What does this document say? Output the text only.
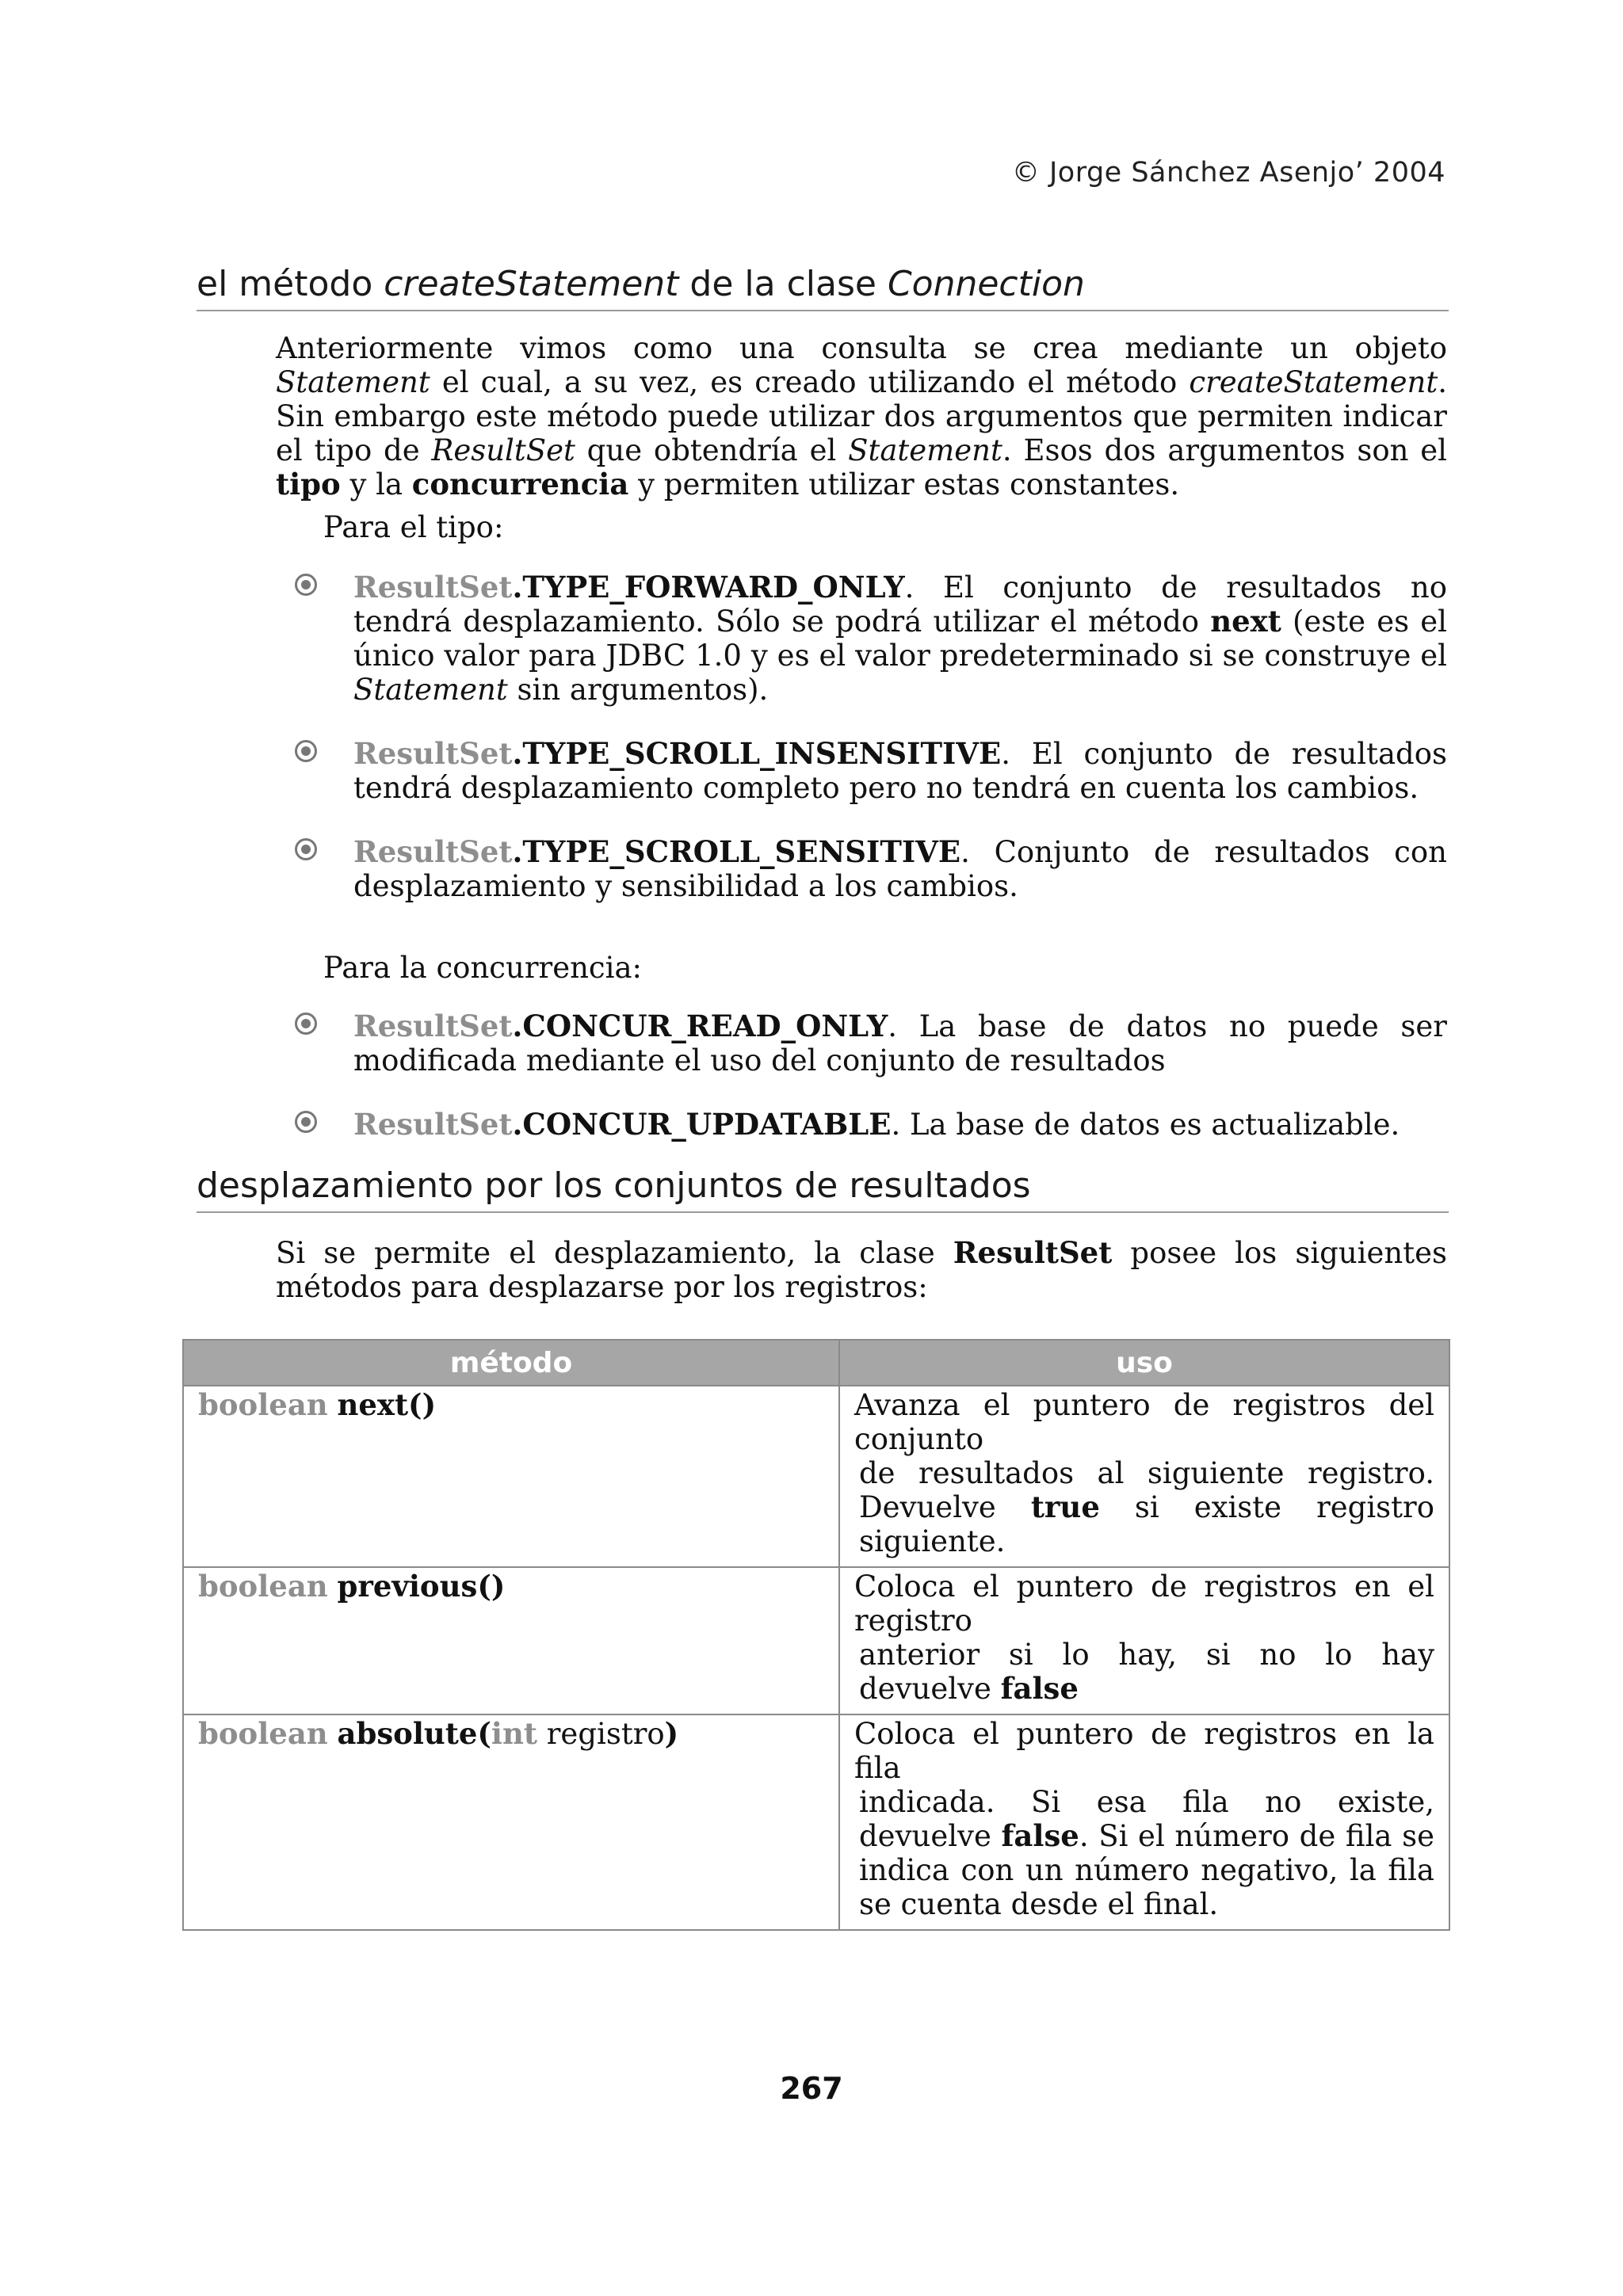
© Jorge Sánchez Asenjo’ 2004
el método createStatement de la clase Connection

Anteriormente vimos como una consulta se crea mediante un objeto Statement el cual, a su vez, es creado utilizando el método createStatement. Sin embargo este método puede utilizar dos argumentos que permiten indicar el tipo de ResultSet que obtendría el Statement. Esos dos argumentos son el tipo y la concurrencia y permiten utilizar estas constantes.

Para el tipo:

ResultSet.TYPE_FORWARD_ONLY. El conjunto de resultados no tendrá desplazamiento. Sólo se podrá utilizar el método next (este es el único valor para JDBC 1.0 y es el valor predeterminado si se construye el Statement sin argumentos).

ResultSet.TYPE_SCROLL_INSENSITIVE. El conjunto de resultados tendrá desplazamiento completo pero no tendrá en cuenta los cambios.

ResultSet.TYPE_SCROLL_SENSITIVE. Conjunto de resultados con desplazamiento y sensibilidad a los cambios.

Para la concurrencia:

ResultSet.CONCUR_READ_ONLY. La base de datos no puede ser modificada mediante el uso del conjunto de resultados

ResultSet.CONCUR_UPDATABLE. La base de datos es actualizable.

desplazamiento por los conjuntos de resultados

Si se permite el desplazamiento, la clase ResultSet posee los siguientes métodos para desplazarse por los registros:

método	uso
boolean next()	Avanza el puntero de registros del conjunto
de resultados al siguiente registro. Devuelve true si existe registro siguiente.

boolean previous()	Coloca el puntero de registros en el registro
anterior si lo hay, si no lo hay devuelve false

boolean absolute(int registro)	Coloca el puntero de registros en la fila
indicada. Si esa fila no existe, devuelve false. Si el número de fila se indica con un número negativo, la fila se cuenta desde el final.
267
